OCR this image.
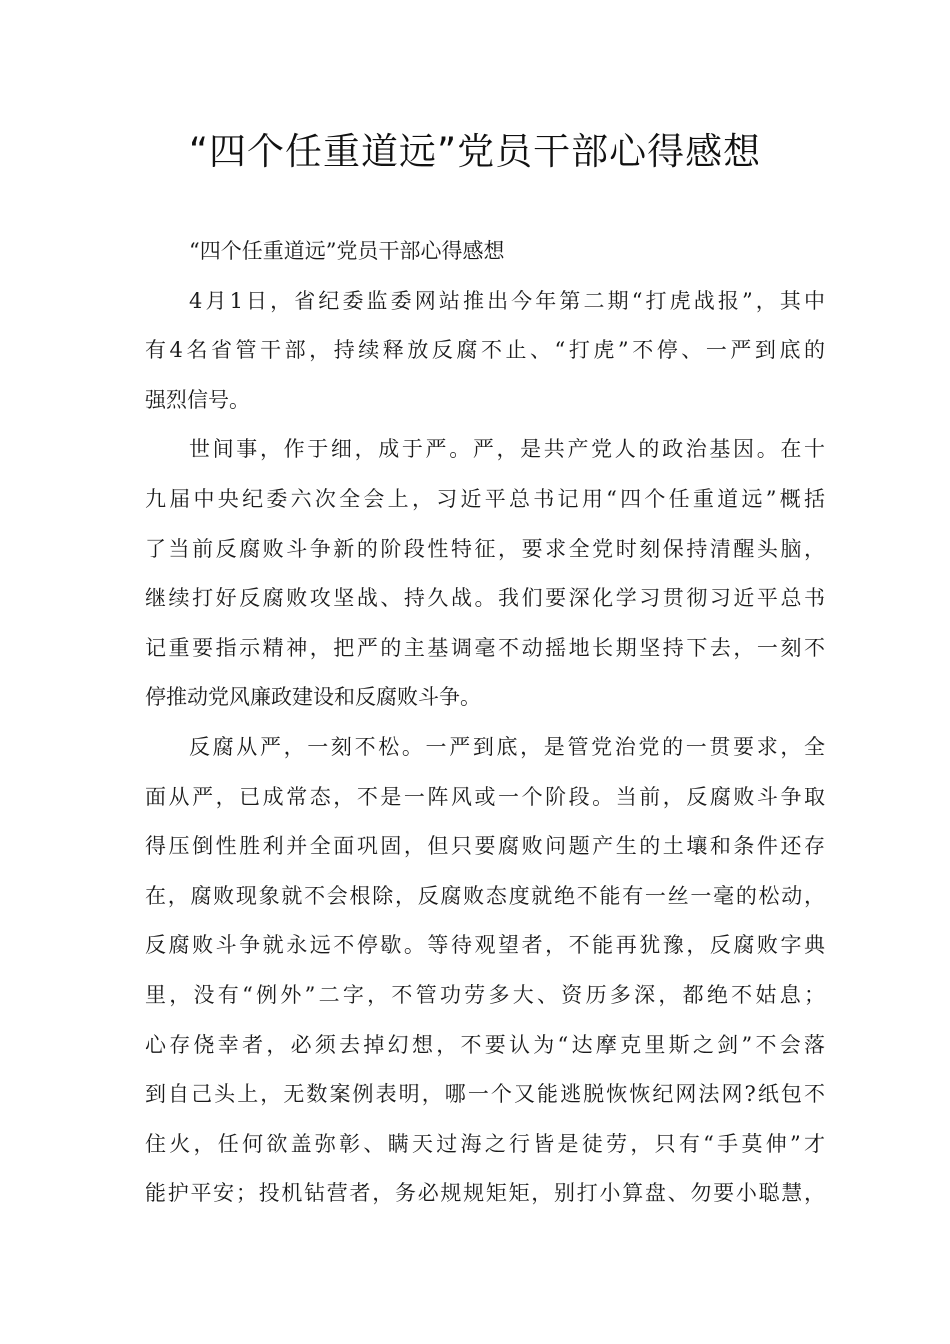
“四个任重道远”党员干部心得感想
“四个任重道远”党员干部心得感想
4月1日，省纪委监委网站推出今年第二期“打虎战报”，其中
有4名省管干部，持续释放反腐不止、“打虎”不停、一严到底的
强烈信号。
世间事，作于细，成于严。严，是共产党人的政治基因。在十
九届中央纪委六次全会上，习近平总书记用“四个任重道远”概括
了当前反腐败斗争新的阶段性特征，要求全党时刻保持清醒头脑，
继续打好反腐败攻坚战、持久战。我们要深化学习贯彻习近平总书
记重要指示精神，把严的主基调毫不动摇地长期坚持下去，一刻不
停推动党风廉政建设和反腐败斗争。
反腐从严，一刻不松。一严到底，是管党治党的一贯要求，全
面从严，已成常态，不是一阵风或一个阶段。当前，反腐败斗争取
得压倒性胜利并全面巩固，但只要腐败问题产生的土壤和条件还存
在，腐败现象就不会根除，反腐败态度就绝不能有一丝一毫的松动，
反腐败斗争就永远不停歇。等待观望者，不能再犹豫，反腐败字典
里，没有“例外”二字，不管功劳多大、资历多深，都绝不姑息；
心存侥幸者，必须去掉幻想，不要认为“达摩克里斯之剑”不会落
到自己头上，无数案例表明，哪一个又能逃脱恢恢纪网法网?纸包不
住火，任何欲盖弥彰、瞒天过海之行皆是徒劳，只有“手莫伸”才
能护平安；投机钻营者，务必规规矩矩，别打小算盘、勿要小聪慧，
